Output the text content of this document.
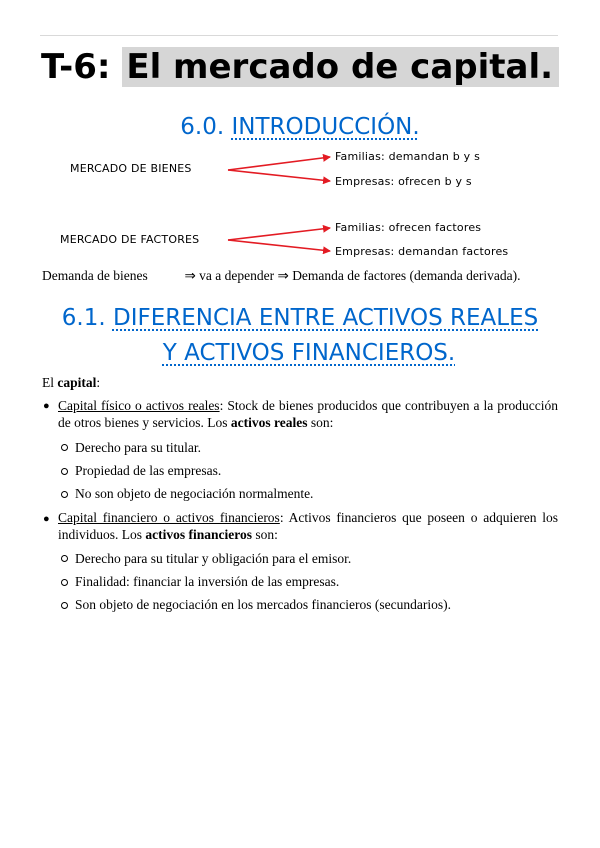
T-6: El mercado de capital.
6.0. INTRODUCCIÓN.
MERCADO DE BIENES
Familias: demandan b y s
Empresas: ofrecen b y s
MERCADO DE FACTORES
Familias: ofrecen factores
Empresas: demandan factores
Demanda de bienes	⇒ va a depender ⇒ Demanda de factores (demanda derivada).
6.1. DIFERENCIA ENTRE ACTIVOS REALES
Y ACTIVOS FINANCIEROS.
El capital:
● Capital físico o activos reales: Stock de bienes producidos que contribuyen a la producción de otros bienes y servicios. Los activos reales son:
Derecho para su titular.
Propiedad de las empresas.
No son objeto de negociación normalmente.
● Capital financiero o activos financieros: Activos financieros que poseen o adquieren los individuos. Los activos financieros son:
Derecho para su titular y obligación para el emisor.
Finalidad: financiar la inversión de las empresas.
Son objeto de negociación en los mercados financieros (secundarios).
